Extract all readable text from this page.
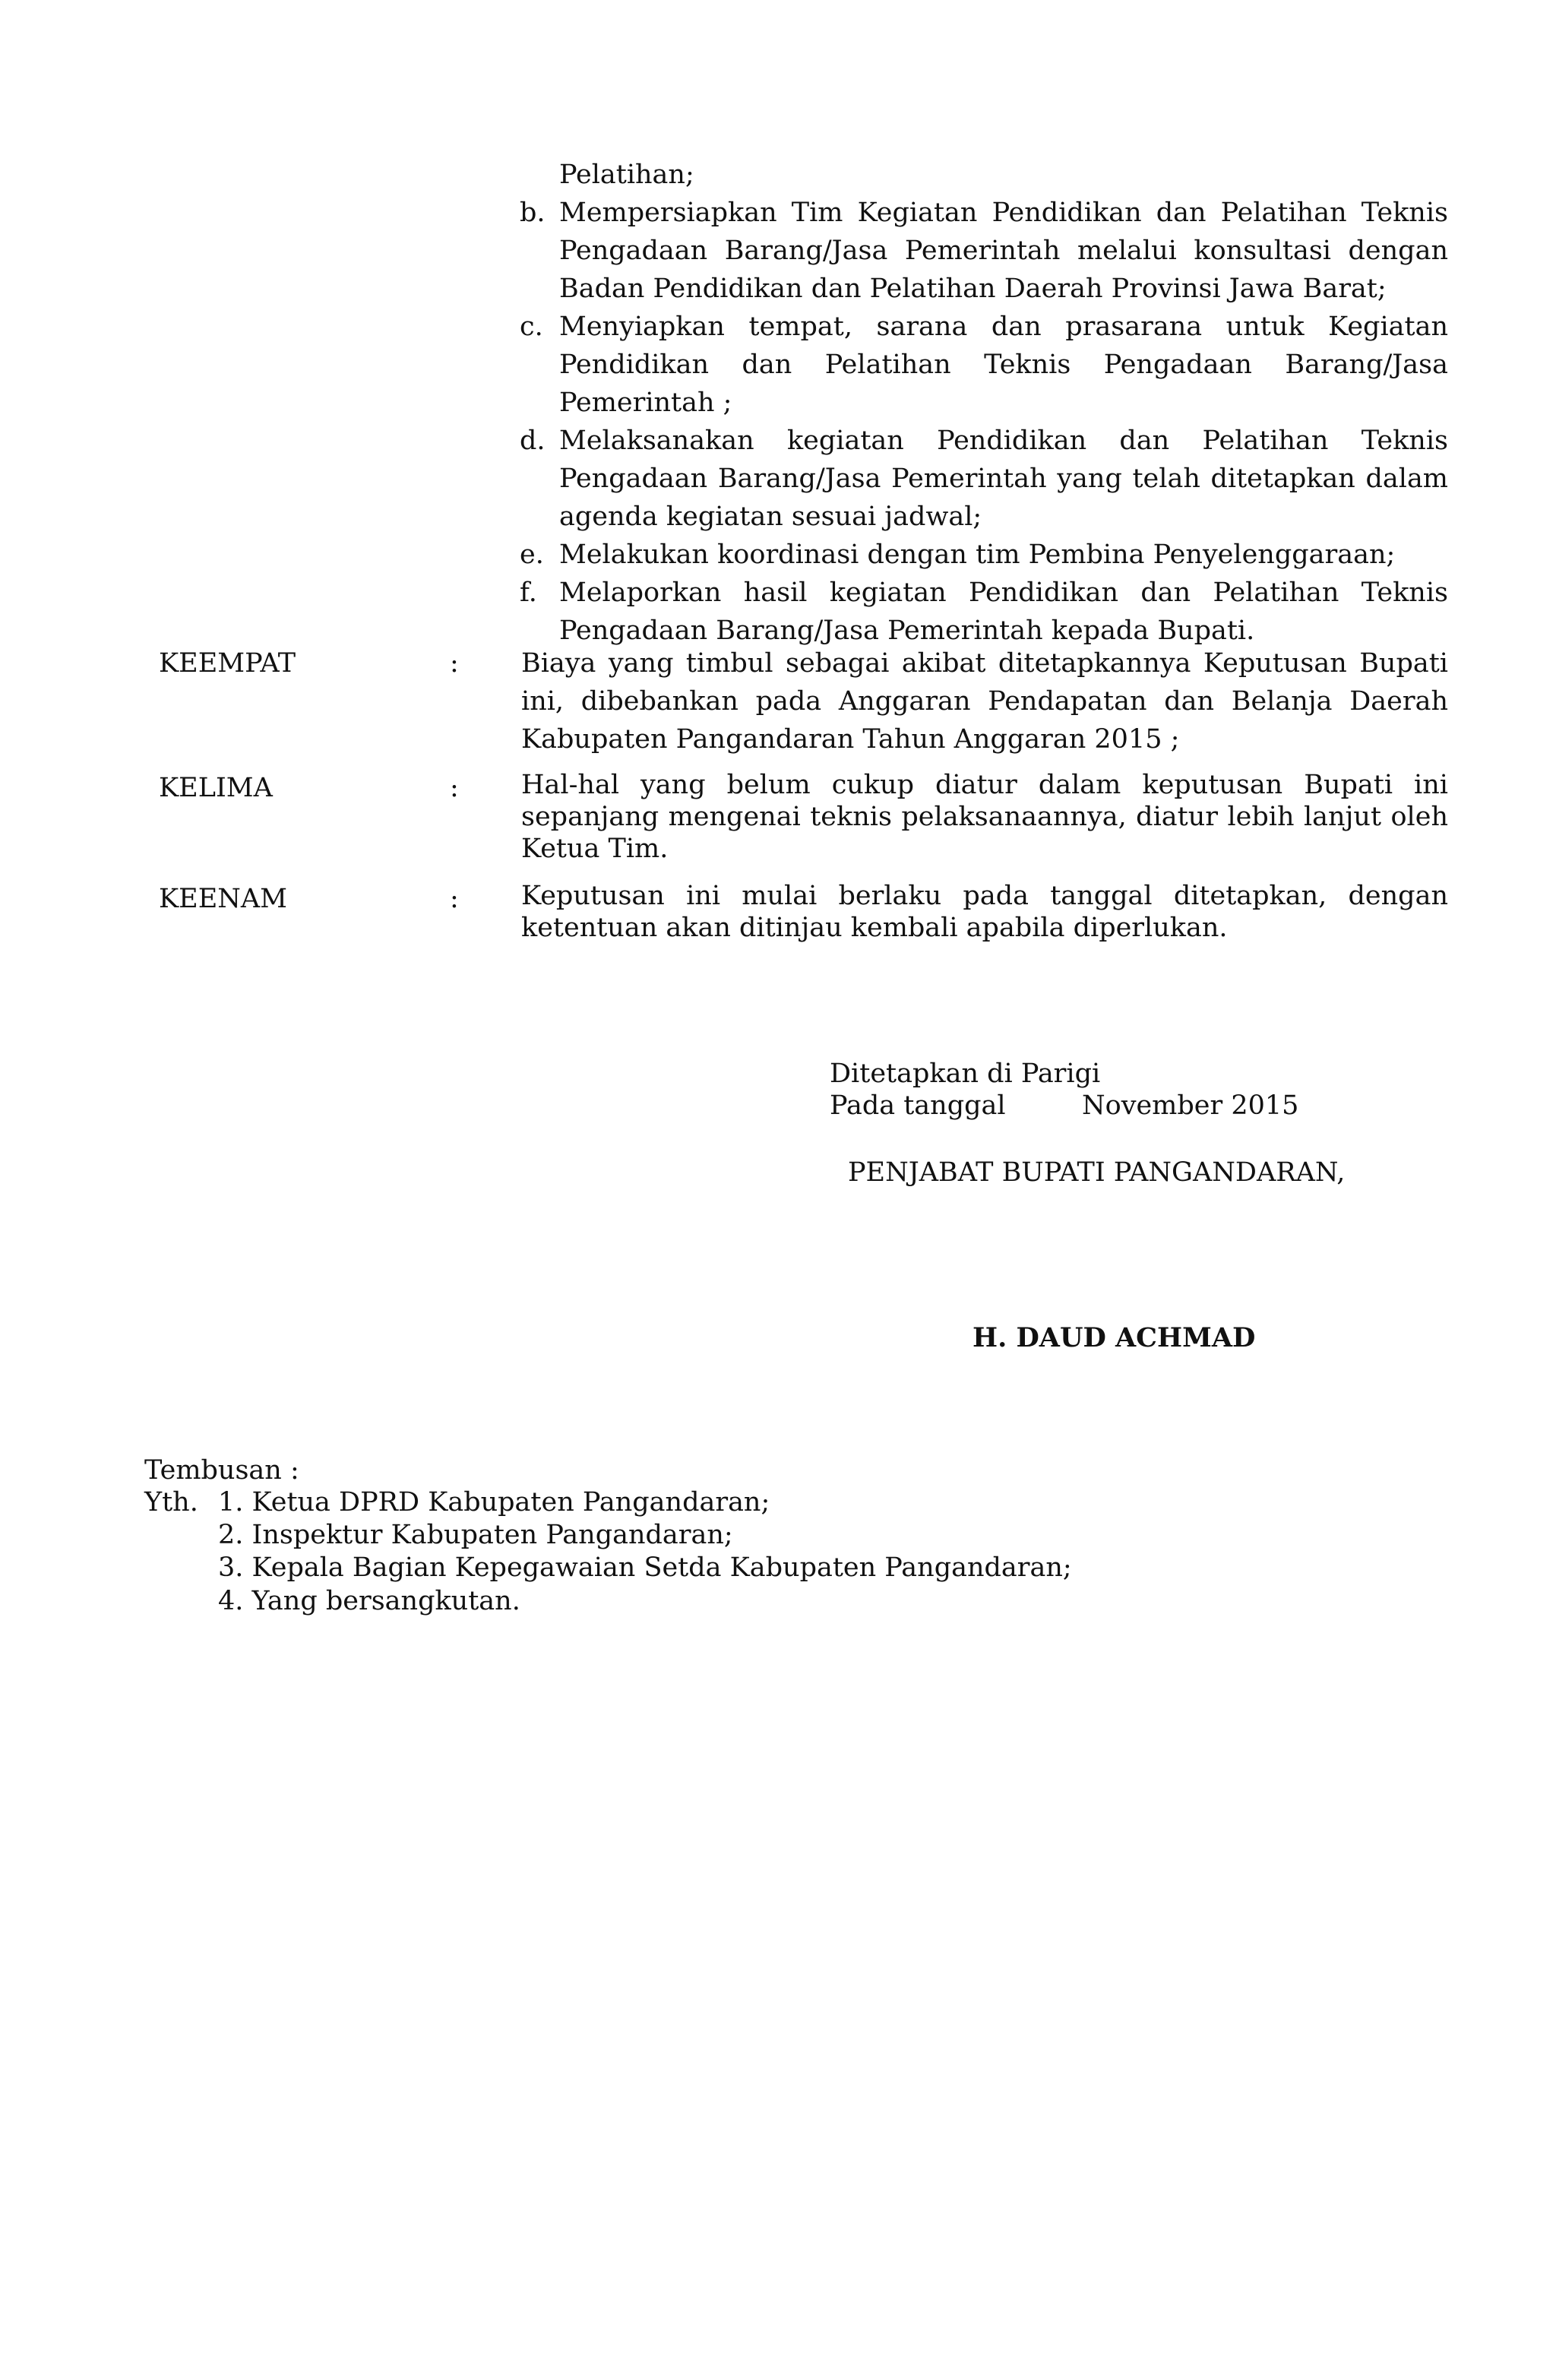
Pelatihan;
b. Mempersiapkan Tim Kegiatan Pendidikan dan Pelatihan Teknis Pengadaan Barang/Jasa Pemerintah melalui konsultasi dengan Badan Pendidikan dan Pelatihan Daerah Provinsi Jawa Barat;
c. Menyiapkan tempat, sarana dan prasarana untuk Kegiatan Pendidikan dan Pelatihan Teknis Pengadaan Barang/Jasa Pemerintah ;
d. Melaksanakan kegiatan Pendidikan dan Pelatihan Teknis Pengadaan Barang/Jasa Pemerintah yang telah ditetapkan dalam agenda kegiatan sesuai jadwal;
e. Melakukan koordinasi dengan tim Pembina Penyelenggaraan;
f. Melaporkan hasil kegiatan Pendidikan dan Pelatihan Teknis Pengadaan Barang/Jasa Pemerintah kepada Bupati.
KEEMPAT	: Biaya yang timbul sebagai akibat ditetapkannya Keputusan Bupati ini, dibebankan pada Anggaran Pendapatan dan Belanja Daerah Kabupaten Pangandaran Tahun Anggaran 2015 ;
KELIMA	: Hal-hal yang belum cukup diatur dalam keputusan Bupati ini sepanjang mengenai teknis pelaksanaannya, diatur lebih lanjut oleh Ketua Tim.
KEENAM	: Keputusan ini mulai berlaku pada tanggal ditetapkan, dengan ketentuan akan ditinjau kembali apabila diperlukan.
Ditetapkan di Parigi
Pada tanggal	November 2015
PENJABAT BUPATI PANGANDARAN,
H. DAUD ACHMAD
Tembusan :
Yth. 1. Ketua DPRD Kabupaten Pangandaran;
2. Inspektur Kabupaten Pangandaran;
3. Kepala Bagian Kepegawaian Setda Kabupaten Pangandaran;
4. Yang bersangkutan.
